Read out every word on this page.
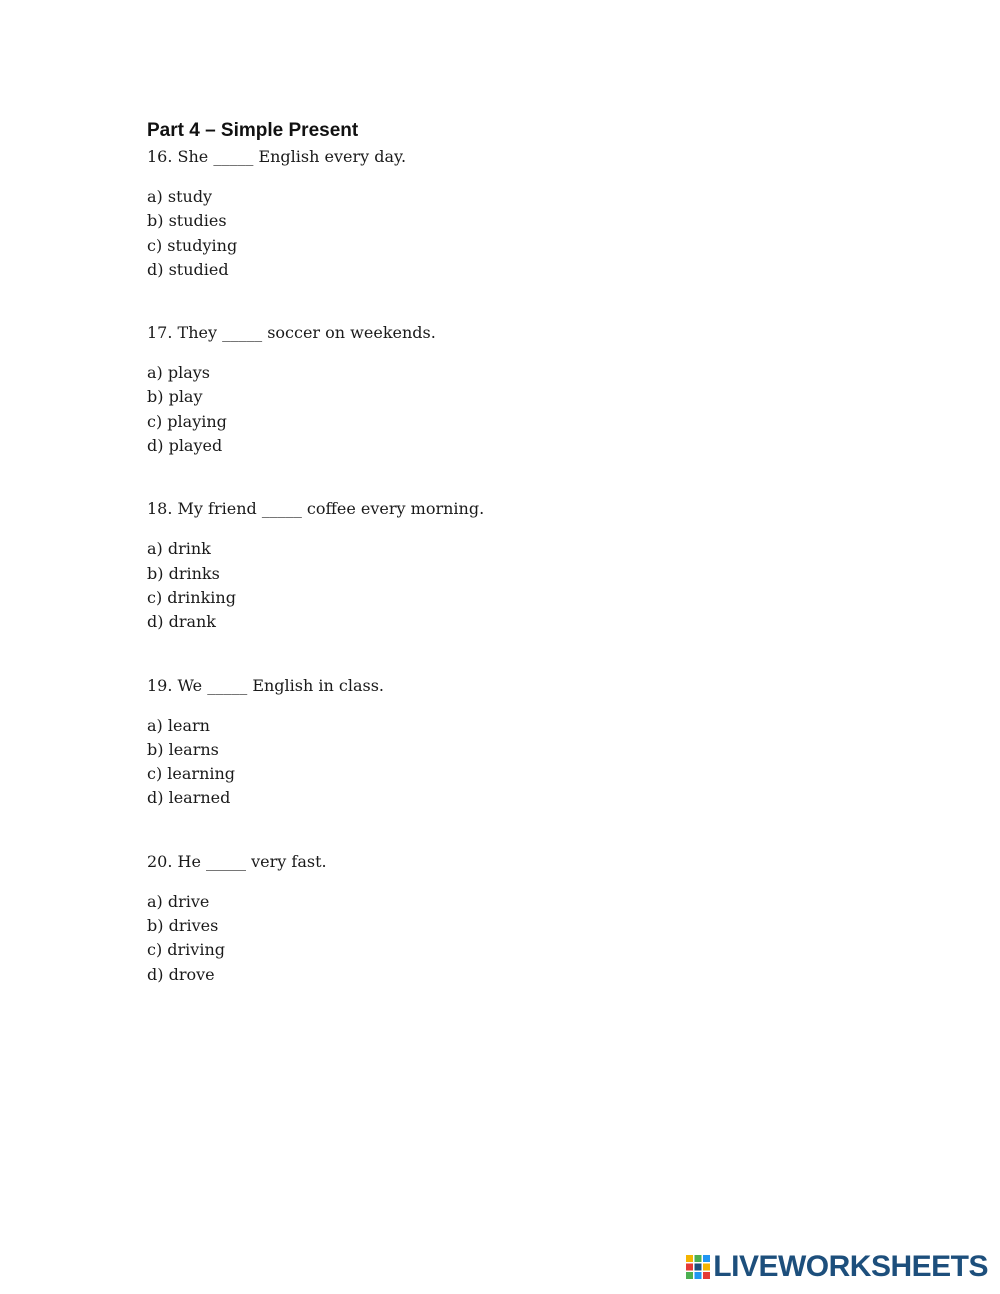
Part 4 – Simple Present

16. She _____ English every day.

a) study
b) studies
c) studying
d) studied

17. They _____ soccer on weekends.

a) plays
b) play
c) playing
d) played

18. My friend _____ coffee every morning.

a) drink
b) drinks
c) drinking
d) drank

19. We _____ English in class.

a) learn
b) learns
c) learning
d) learned

20. He _____ very fast.

a) drive
b) drives
c) driving
d) drove
LIVEWORKSHEETS
